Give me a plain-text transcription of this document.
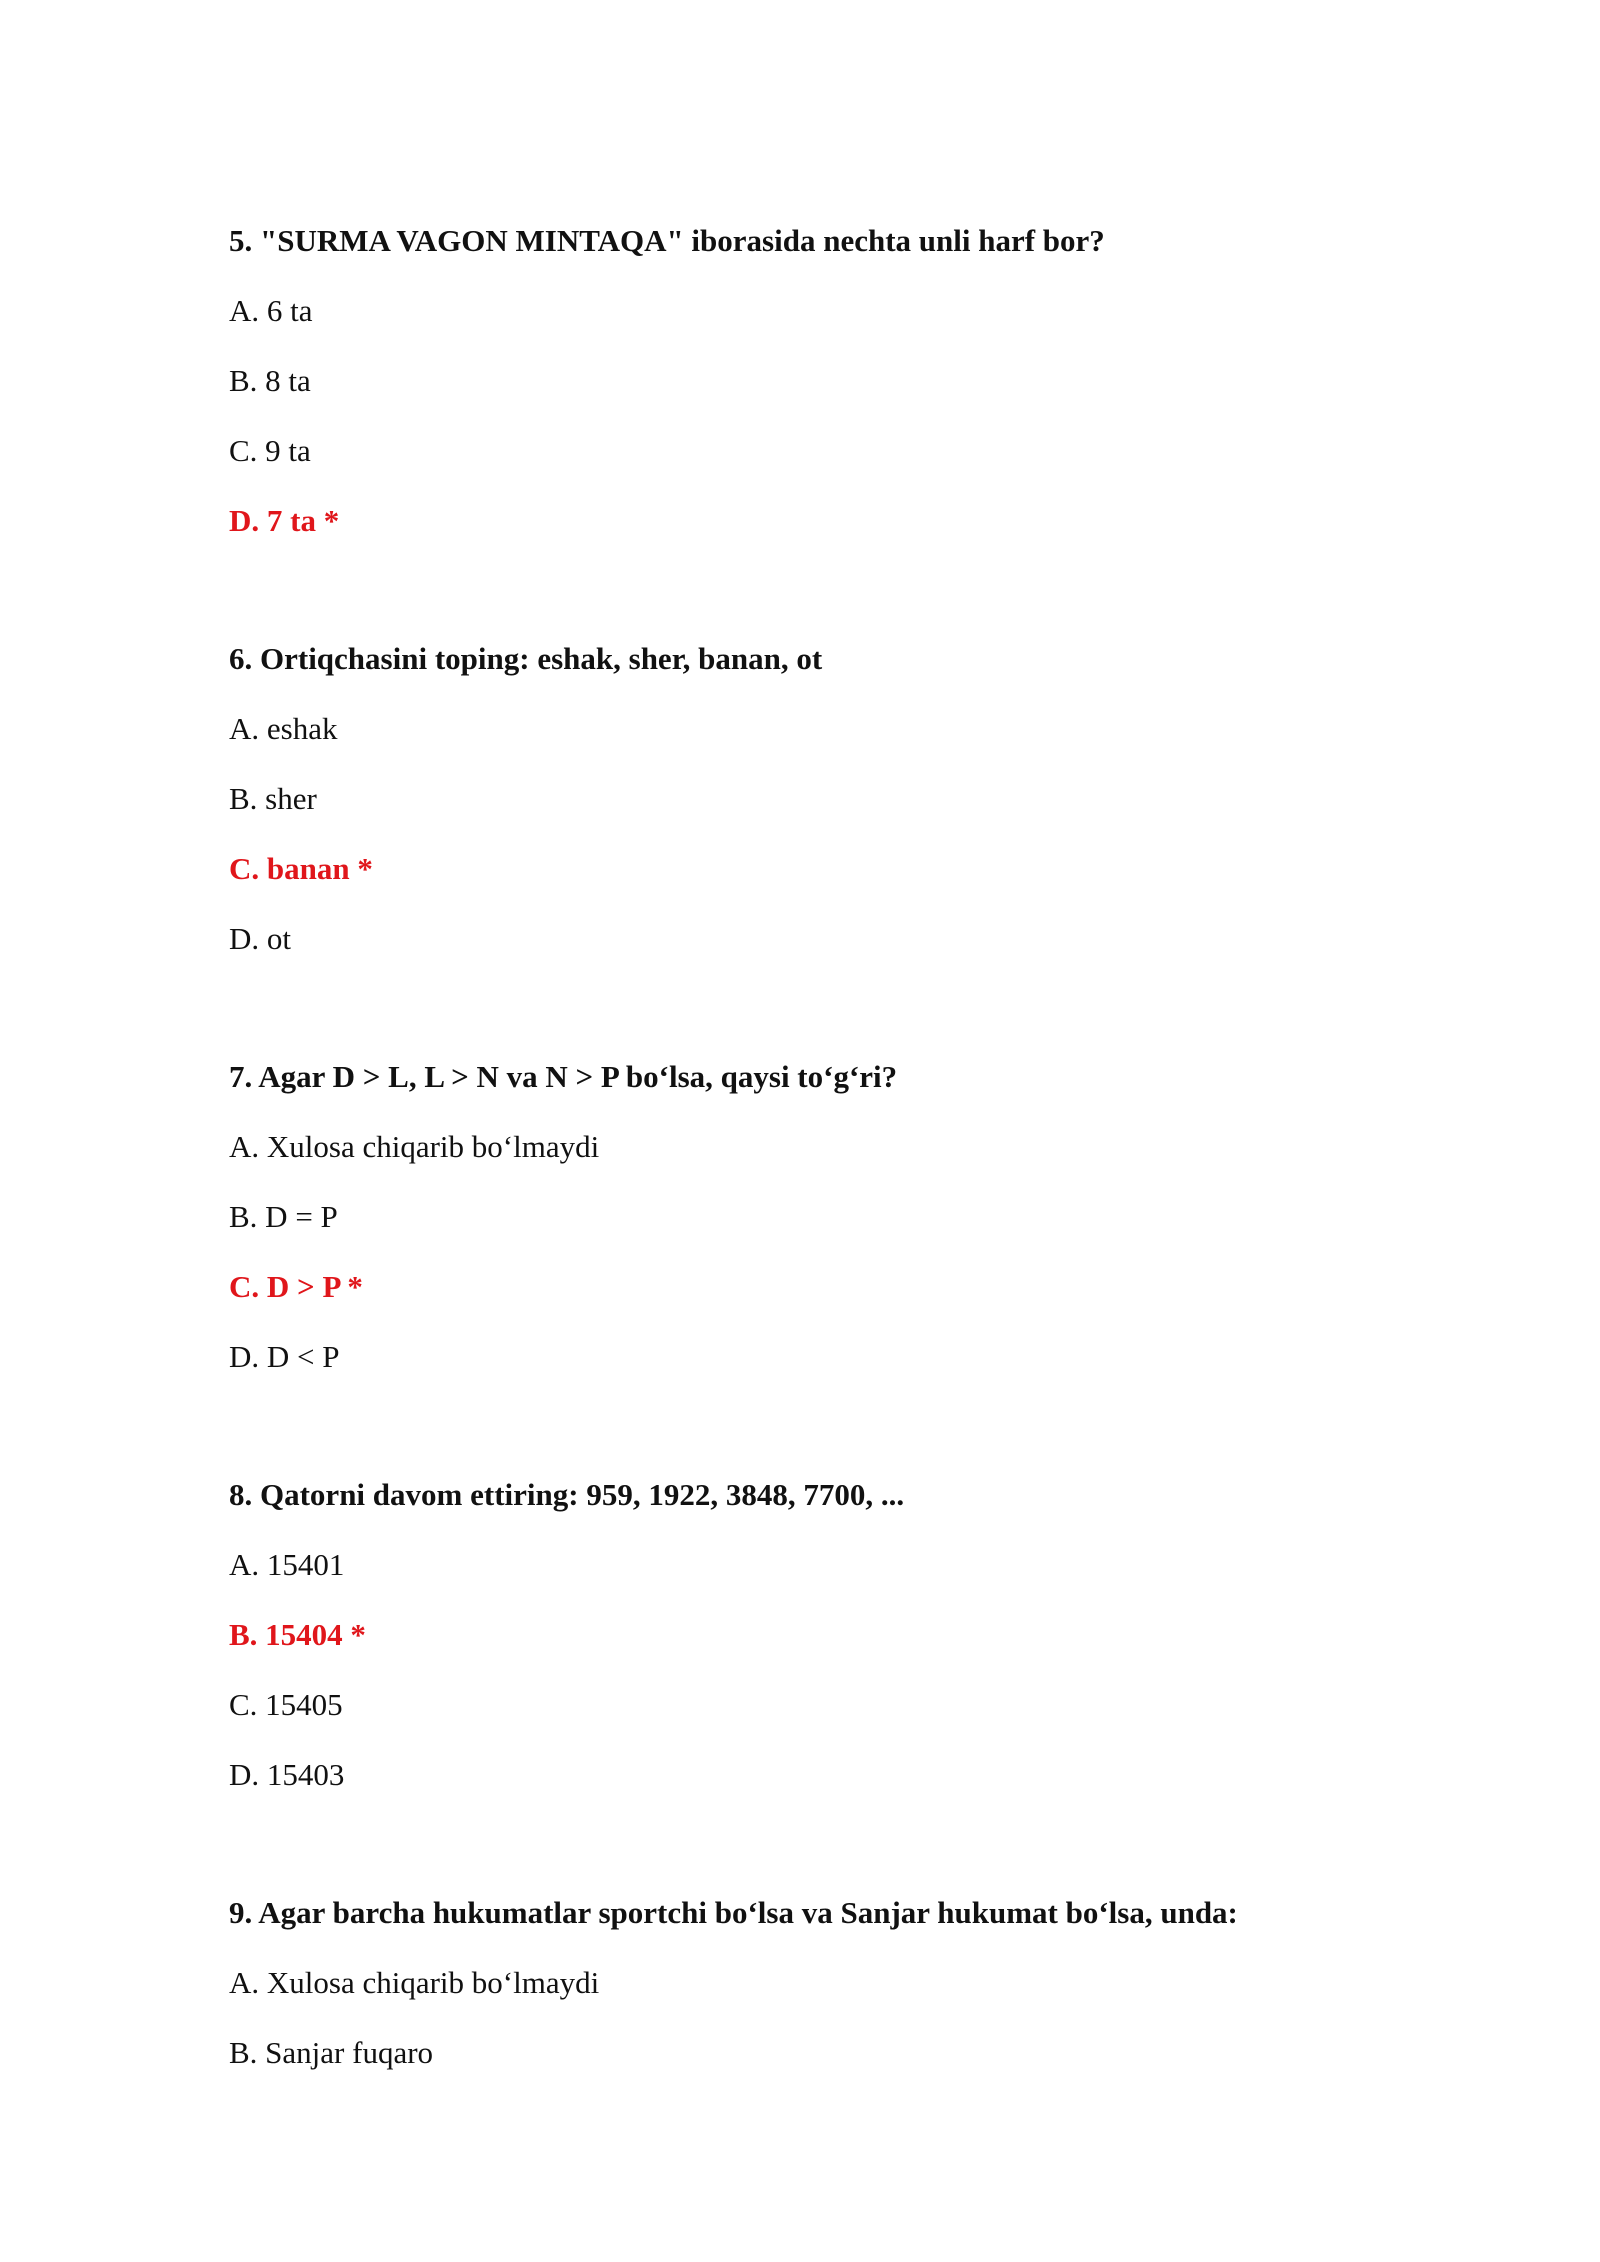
5. "SURMA VAGON MINTAQA" iborasida nechta unli harf bor?
A. 6 ta
B. 8 ta
C. 9 ta
D. 7 ta *
6. Ortiqchasini toping: eshak, sher, banan, ot
A. eshak
B. sher
C. banan *
D. ot
7. Agar D > L, L > N va N > P bo‘lsa, qaysi to‘g‘ri?
A. Xulosa chiqarib bo‘lmaydi
B. D = P
C. D > P *
D. D < P
8. Qatorni davom ettiring: 959, 1922, 3848, 7700, ...
A. 15401
B. 15404 *
C. 15405
D. 15403
9. Agar barcha hukumatlar sportchi bo‘lsa va Sanjar hukumat bo‘lsa, unda:
A. Xulosa chiqarib bo‘lmaydi
B. Sanjar fuqaro
